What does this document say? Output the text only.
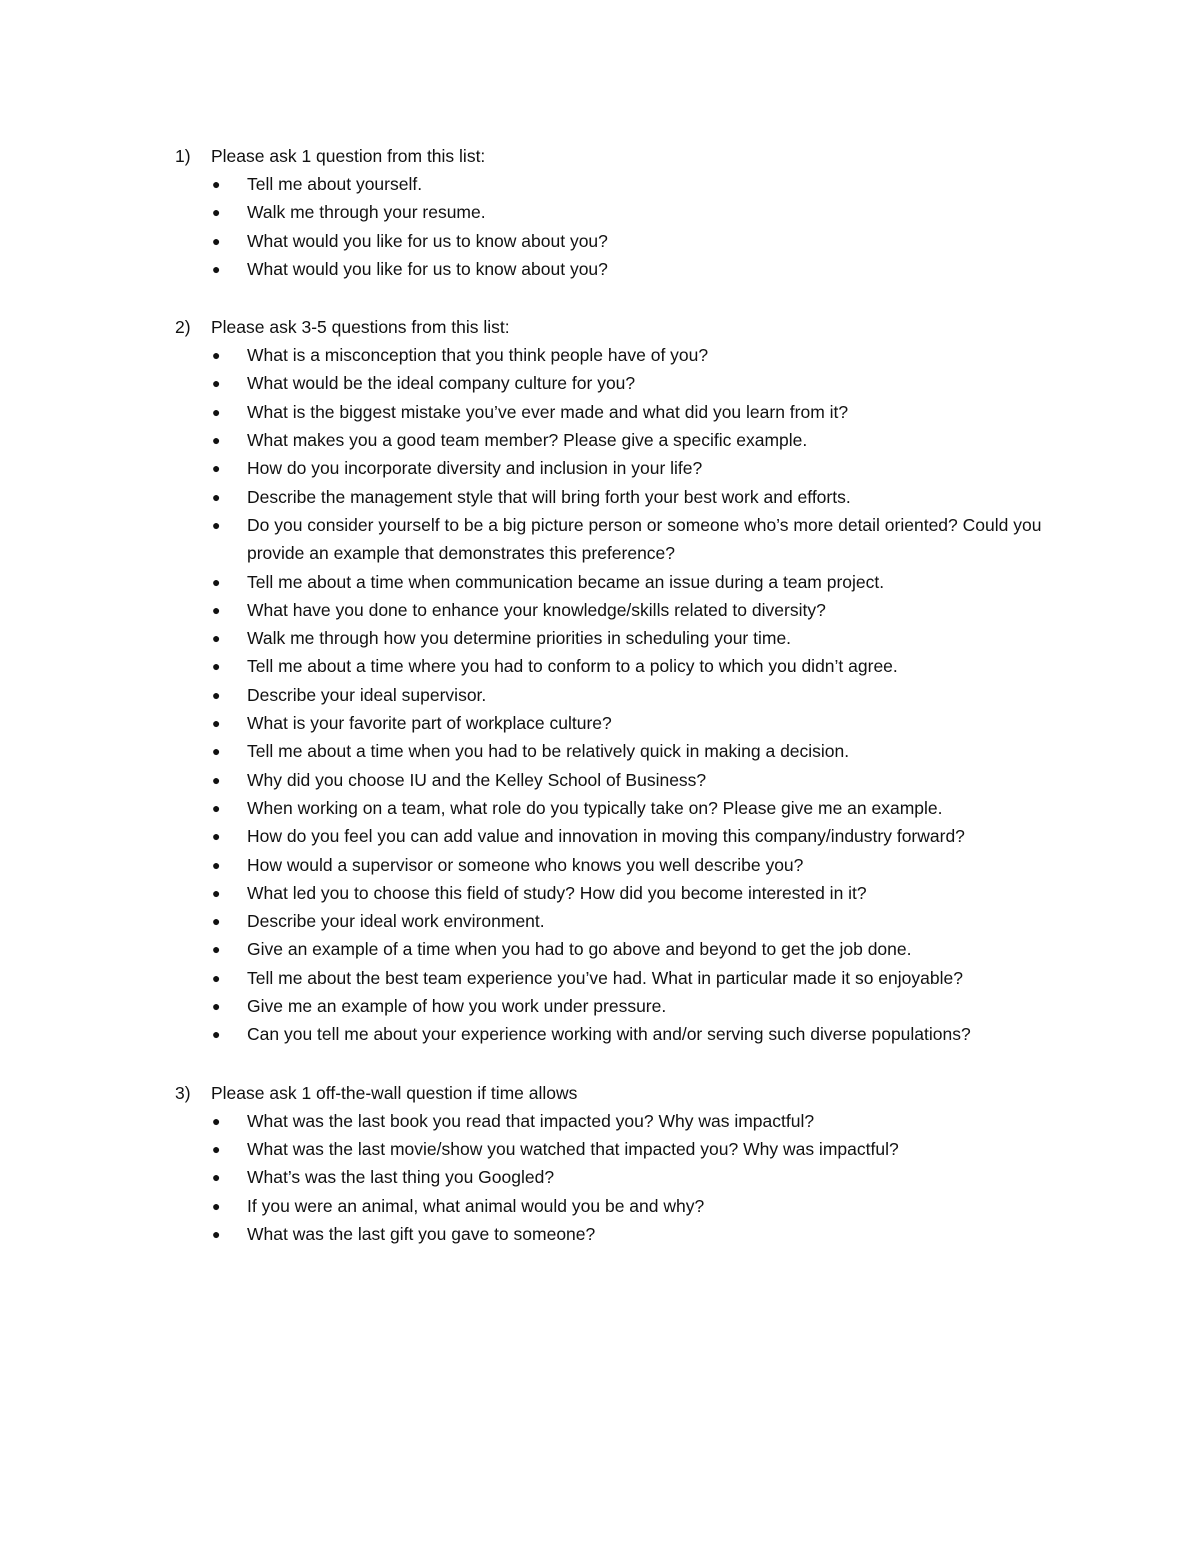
1)	Please ask 1 question from this list:
●	Tell me about yourself.
●	Walk me through your resume.
●	What would you like for us to know about you?
●	What would you like for us to know about you?
2)	Please ask 3-5 questions from this list:
●	What is a misconception that you think people have of you?
●	What would be the ideal company culture for you?
●	What is the biggest mistake you’ve ever made and what did you learn from it?
●	What makes you a good team member? Please give a specific example.
●	How do you incorporate diversity and inclusion in your life?
●	Describe the management style that will bring forth your best work and efforts.
●	Do you consider yourself to be a big picture person or someone who’s more detail oriented? Could you provide an example that demonstrates this preference?
●	Tell me about a time when communication became an issue during a team project.
●	What have you done to enhance your knowledge/skills related to diversity?
●	Walk me through how you determine priorities in scheduling your time.
●	Tell me about a time where you had to conform to a policy to which you didn’t agree.
●	Describe your ideal supervisor.
●	What is your favorite part of workplace culture?
●	Tell me about a time when you had to be relatively quick in making a decision.
●	Why did you choose IU and the Kelley School of Business?
●	When working on a team, what role do you typically take on? Please give me an example.
●	How do you feel you can add value and innovation in moving this company/industry forward?
●	How would a supervisor or someone who knows you well describe you?
●	What led you to choose this field of study? How did you become interested in it?
●	Describe your ideal work environment.
●	Give an example of a time when you had to go above and beyond to get the job done.
●	Tell me about the best team experience you’ve had. What in particular made it so enjoyable?
●	Give me an example of how you work under pressure.
●	Can you tell me about your experience working with and/or serving such diverse populations?
3)	Please ask 1 off-the-wall question if time allows
●	What was the last book you read that impacted you? Why was impactful?
●	What was the last movie/show you watched that impacted you? Why was impactful?
●	What’s was the last thing you Googled?
●	If you were an animal, what animal would you be and why?
●	What was the last gift you gave to someone?
